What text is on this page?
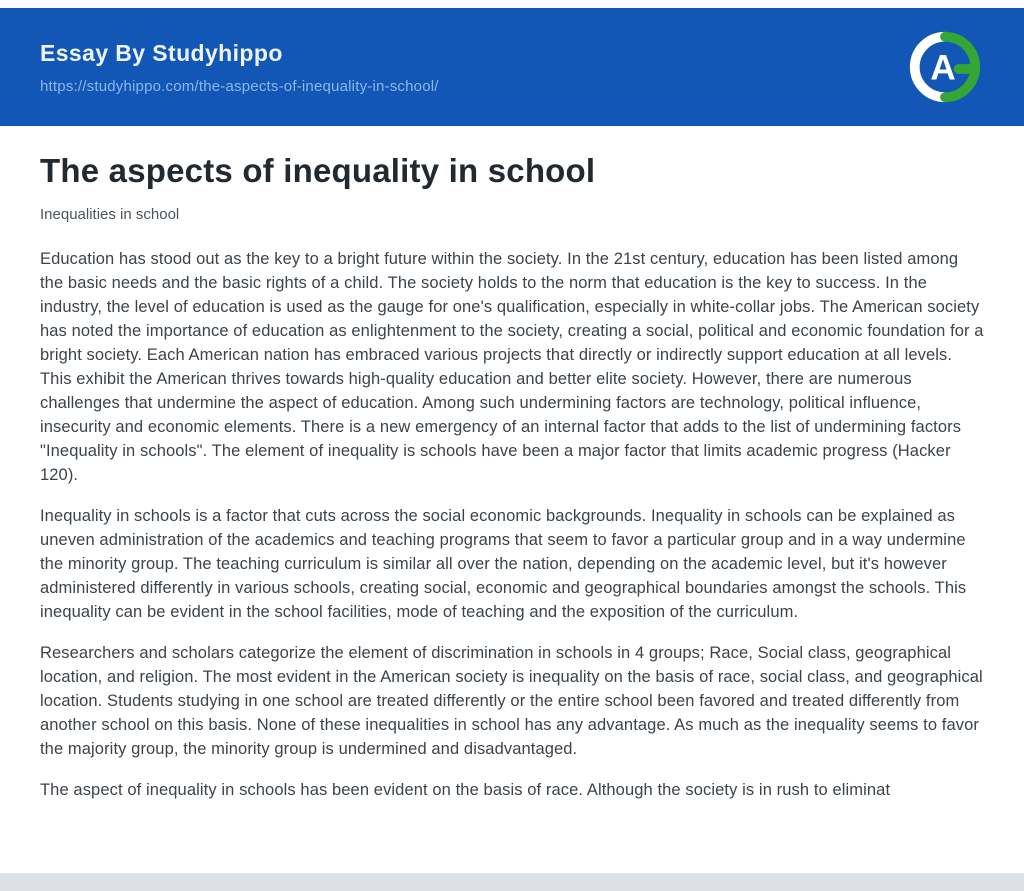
Essay By Studyhippo
https://studyhippo.com/the-aspects-of-inequality-in-school/	A
The aspects of inequality in school

Inequalities in school

Education has stood out as the key to a bright future within the society. In the 21st century, education has been listed among the basic needs and the basic rights of a child. The society holds to the norm that education is the key to success. In the industry, the level of education is used as the gauge for one's qualification, especially in white-collar jobs. The American society has noted the importance of education as enlightenment to the society, creating a social, political and economic foundation for a bright society. Each American nation has embraced various projects that directly or indirectly support education at all levels. This exhibit the American thrives towards high-quality education and better elite society. However, there are numerous challenges that undermine the aspect of education. Among such undermining factors are technology, political influence, insecurity and economic elements. There is a new emergency of an internal factor that adds to the list of undermining factors "Inequality in schools". The element of inequality is schools have been a major factor that limits academic progress (Hacker 120).

Inequality in schools is a factor that cuts across the social economic backgrounds. Inequality in schools can be explained as uneven administration of the academics and teaching programs that seem to favor a particular group and in a way undermine the minority group. The teaching curriculum is similar all over the nation, depending on the academic level, but it's however administered differently in various schools, creating social, economic and geographical boundaries amongst the schools. This inequality can be evident in the school facilities, mode of teaching and the exposition of the curriculum.

Researchers and scholars categorize the element of discrimination in schools in 4 groups; Race, Social class, geographical location, and religion. The most evident in the American society is inequality on the basis of race, social class, and geographical location. Students studying in one school are treated differently or the entire school been favored and treated differently from another school on this basis. None of these inequalities in school has any advantage. As much as the inequality seems to favor the majority group, the minority group is undermined and disadvantaged.

The aspect of inequality in schools has been evident on the basis of race. Although the society is in rush to eliminat
